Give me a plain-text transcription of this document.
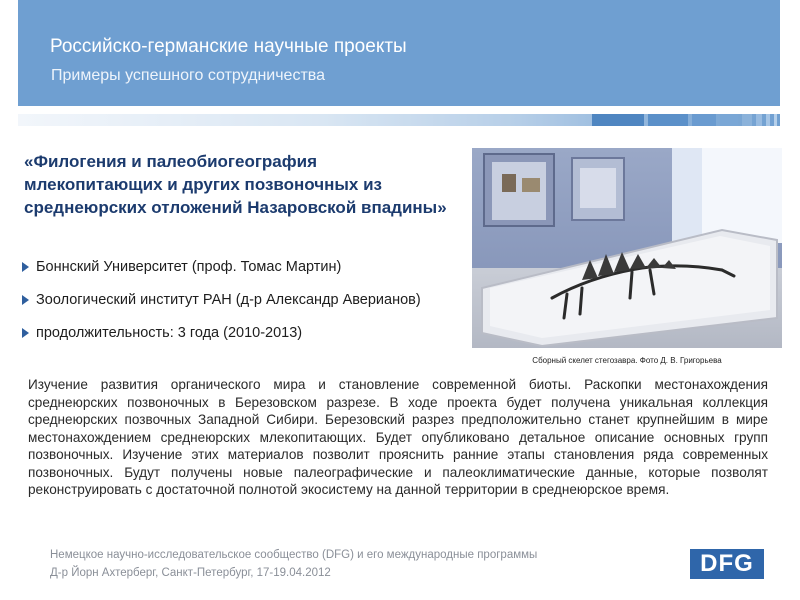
Российско-германские научные проекты
Примеры успешного сотрудничества
«Филогения и палеобиогеография млекопитающих и других позвоночных из среднеюрских отложений Назаровской впадины»
Боннский Университет (проф. Томас Мартин)
Зоологический институт РАН (д-р Александр Аверианов)
продолжительность: 3 года (2010-2013)
Сборный скелет стегозавра. Фото Д. В. Григорьева
Изучение развития органического мира и становление современной биоты. Раскопки местонахождения среднеюрских позвоночных в Березовском разрезе. В ходе проекта будет получена уникальная коллекция среднеюрских позвочных Западной Сибири. Березовский разрез предположительно станет крупнейшим в мире местонахождением среднеюрских млекопитающих. Будет опубликовано детальное описание основных групп позвоночных. Изучение этих материалов позволит прояснить ранние этапы становления ряда современных позвоночных. Будут получены новые палеографические и палеоклиматические данные, которые позволят реконструировать с достаточной полнотой экосистему на данной территории в среднеюрское время.
Немецкое научно-исследовательское сообщество (DFG) и его международные программы
Д-р Йорн Ахтерберг, Санкт-Петербург, 17-19.04.2012	DFG
